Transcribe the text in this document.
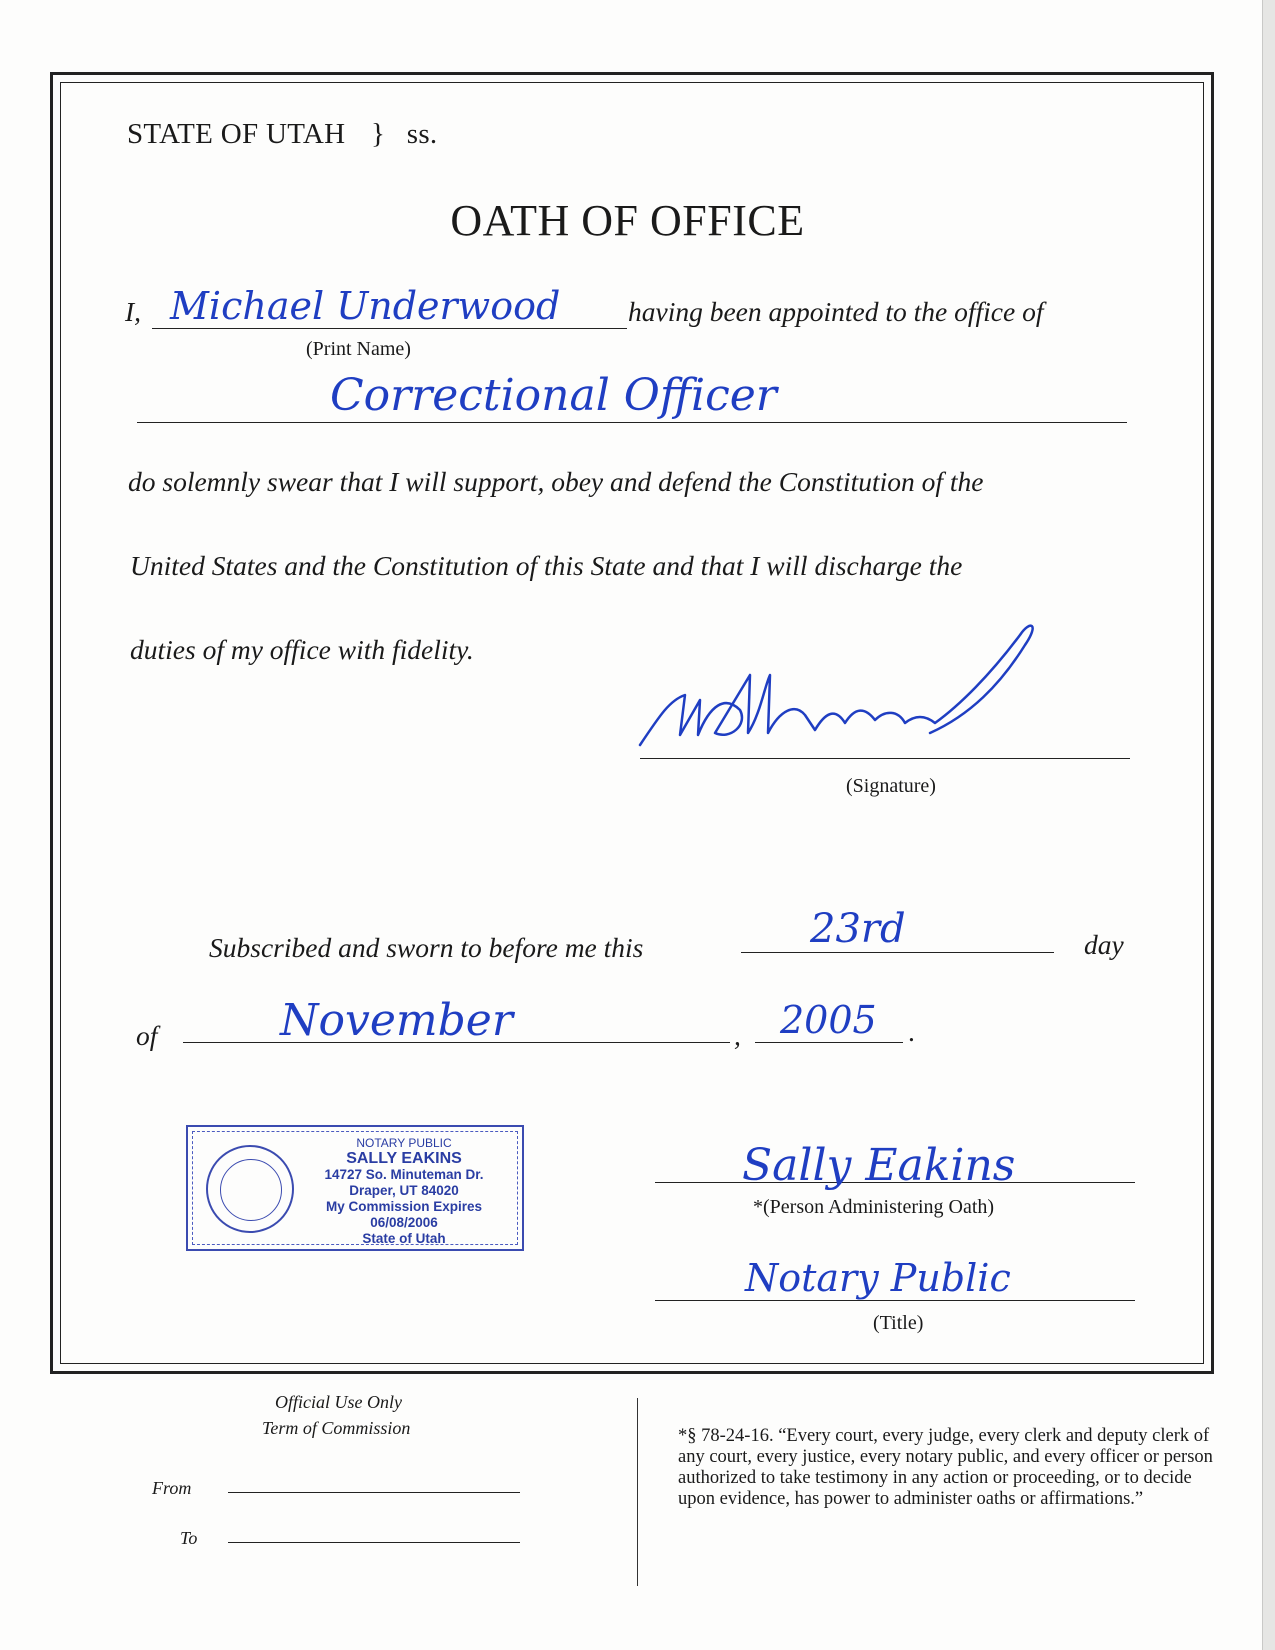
STATE OF UTAH } ss.
OATH OF OFFICE
I, Michael Underwood having been appointed to the office of
(Print Name)
Correctional Officer
do solemnly swear that I will support, obey and defend the Constitution of the
United States and the Constitution of this State and that I will discharge the
duties of my office with fidelity.
(Signature)
Subscribed and sworn to before me this	23rd	day
of	November	, 2005 .
NOTARY PUBLIC
SALLY EAKINS
14727 So. Minuteman Dr.
Draper, UT 84020
My Commission Expires 06/08/2006
State of Utah
Sally Eakins
*(Person Administering Oath)
Notary Public
(Title)
Official Use Only
Term of Commission
From
To
*§ 78-24-16. “Every court, every judge, every clerk and deputy clerk of any court, every justice, every notary public, and every officer or person authorized to take testimony in any action or proceeding, or to decide upon evidence, has power to administer oaths or affirmations.”
